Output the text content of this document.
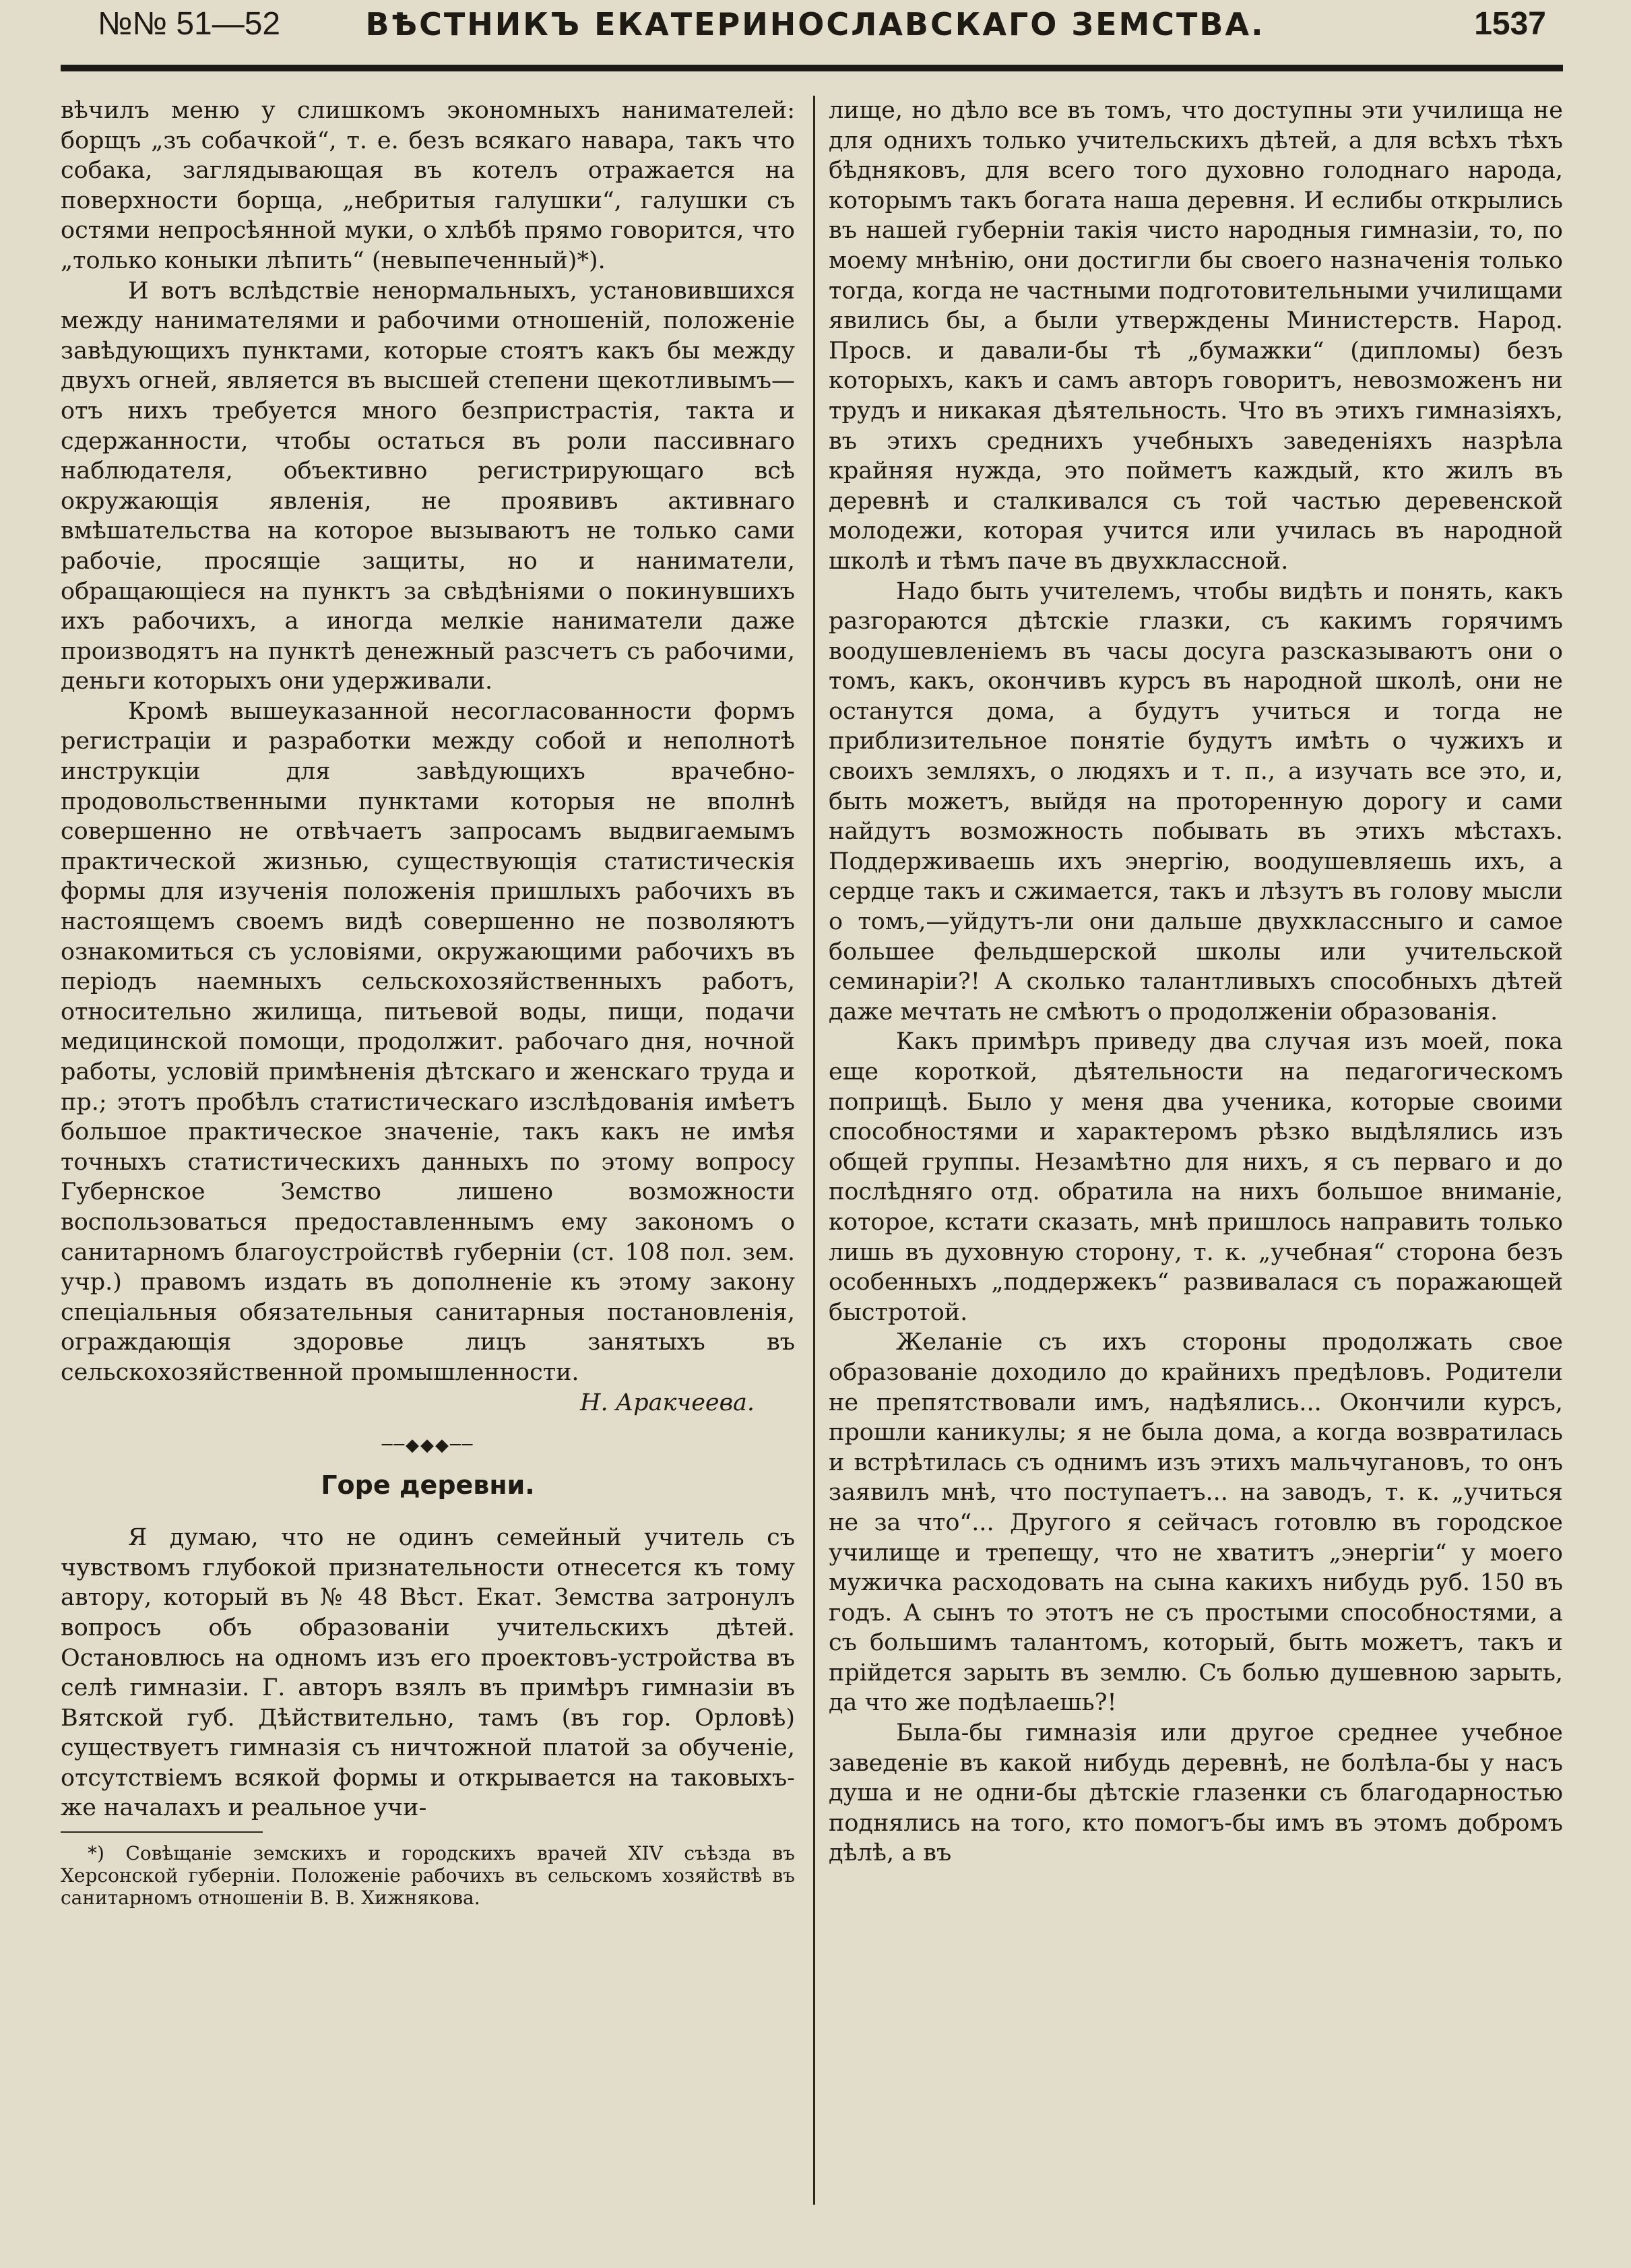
№№ 51—52	ВѢСТНИКЪ ЕКАТЕРИНОСЛАВСКАГО ЗЕМСТВА.	1537

вѣчилъ меню у слишкомъ экономныхъ нанимателей: борщъ „зъ собачкой“, т. е. безъ всякаго навара, такъ что собака, заглядывающая въ котелъ отражается на поверхности борща, „небритыя галушки“, галушки съ остями непросѣянной муки, о хлѣбѣ прямо говорится, что „только коныки лѣпить“ (невыпеченный)*).

И вотъ вслѣдствіе ненормальныхъ, установившихся между нанимателями и рабочими отношеній, положеніе завѣдующихъ пунктами, которые стоятъ какъ бы между двухъ огней, является въ высшей степени щекотливымъ—отъ нихъ требуется много безпристрастія, такта и сдержанности, чтобы остаться въ роли пассивнаго наблюдателя, объективно регистрирующаго всѣ окружающія явленія, не проявивъ активнаго вмѣшательства на которое вызываютъ не только сами рабочіе, просящіе защиты, но и наниматели, обращающіеся на пунктъ за свѣдѣніями о покинувшихъ ихъ рабочихъ, а иногда мелкіе наниматели даже производятъ на пунктѣ денежный разсчетъ съ рабочими, деньги которыхъ они удерживали.

Кромѣ вышеуказанной несогласованности формъ регистраціи и разработки между собой и неполнотѣ инструкціи для завѣдующихъ врачебно-продовольственными пунктами которыя не вполнѣ совершенно не отвѣчаетъ запросамъ выдвигаемымъ практической жизнью, существующія статистическія формы для изученія положенія пришлыхъ рабочихъ въ настоящемъ своемъ видѣ совершенно не позволяютъ ознакомиться съ условіями, окружающими рабочихъ въ періодъ наемныхъ сельскохозяйственныхъ работъ, относительно жилища, питьевой воды, пищи, подачи медицинской помощи, продолжит. рабочаго дня, ночной работы, условій примѣненія дѣтскаго и женскаго труда и пр.; этотъ пробѣлъ статистическаго изслѣдованія имѣетъ большое практическое значеніе, такъ какъ не имѣя точныхъ статистическихъ данныхъ по этому вопросу Губернское Земство лишено возможности воспользоваться предоставленнымъ ему закономъ о санитарномъ благоустройствѣ губерніи (ст. 108 пол. зем. учр.) правомъ издать въ дополненіе къ этому закону спеціальныя обязательныя санитарныя постановленія, ограждающія здоровье лицъ занятыхъ въ сельскохозяйственной промышленности.

Н. Аракчеева.

──◆◆◆──
Горе деревни.

Я думаю, что не одинъ семейный учитель съ чувствомъ глубокой признательности отнесется къ тому автору, который въ № 48 Вѣст. Екат. Земства затронулъ вопросъ объ образованіи учительскихъ дѣтей. Остановлюсь на одномъ изъ его проектовъ-устройства въ селѣ гимназіи. Г. авторъ взялъ въ примѣръ гимназіи въ Вятской губ. Дѣйствительно, тамъ (въ гор. Орловѣ) существуетъ гимназія съ ничтожной платой за обученіе, отсутствіемъ всякой формы и открывается на таковыхъ-же началахъ и реальное учи-

*) Совѣщаніе земскихъ и городскихъ врачей XIV съѣзда въ Херсонской губерніи. Положеніе рабочихъ въ сельскомъ хозяйствѣ въ санитарномъ отношеніи В. В. Хижнякова.

лище, но дѣло все въ томъ, что доступны эти училища не для однихъ только учительскихъ дѣтей, а для всѣхъ тѣхъ бѣдняковъ, для всего того духовно голоднаго народа, которымъ такъ богата наша деревня. И еслибы открылись въ нашей губерніи такія чисто народныя гимназіи, то, по моему мнѣнію, они достигли бы своего назначенія только тогда, когда не частными подготовительными училищами явились бы, а были утверждены Министерств. Народ. Просв. и давали-бы тѣ „бумажки“ (дипломы) безъ которыхъ, какъ и самъ авторъ говоритъ, невозможенъ ни трудъ и никакая дѣятельность. Что въ этихъ гимназіяхъ, въ этихъ среднихъ учебныхъ заведеніяхъ назрѣла крайняя нужда, это пойметъ каждый, кто жилъ въ деревнѣ и сталкивался съ той частью деревенской молодежи, которая учится или училась въ народной школѣ и тѣмъ паче въ двухклассной.

Надо быть учителемъ, чтобы видѣть и понять, какъ разгораются дѣтскіе глазки, съ какимъ горячимъ воодушевленіемъ въ часы досуга разсказываютъ они о томъ, какъ, окончивъ курсъ въ народной школѣ, они не останутся дома, а будутъ учиться и тогда не приблизительное понятіе будутъ имѣть о чужихъ и своихъ земляхъ, о людяхъ и т. п., а изучать все это, и, быть можетъ, выйдя на проторенную дорогу и сами найдутъ возможность побывать въ этихъ мѣстахъ. Поддерживаешь ихъ энергію, воодушевляешь ихъ, а сердце такъ и сжимается, такъ и лѣзутъ въ голову мысли о томъ,—уйдутъ-ли они дальше двухклассныго и самое большее фельдшерской школы или учительской семинаріи?! А сколько талантливыхъ способныхъ дѣтей даже мечтать не смѣютъ о продолженіи образованія.

Какъ примѣръ приведу два случая изъ моей, пока еще короткой, дѣятельности на педагогическомъ поприщѣ. Было у меня два ученика, которые своими способностями и характеромъ рѣзко выдѣлялись изъ общей группы. Незамѣтно для нихъ, я съ перваго и до послѣдняго отд. обратила на нихъ большое вниманіе, которое, кстати сказать, мнѣ пришлось направить только лишь въ духовную сторону, т. к. „учебная“ сторона безъ особенныхъ „поддержекъ“ развивалася съ поражающей быстротой.

Желаніе съ ихъ стороны продолжать свое образованіе доходило до крайнихъ предѣловъ. Родители не препятствовали имъ, надѣялись... Окончили курсъ, прошли каникулы; я не была дома, а когда возвратилась и встрѣтилась съ однимъ изъ этихъ мальчугановъ, то онъ заявилъ мнѣ, что поступаетъ... на заводъ, т. к. „учиться не за что“... Другого я сейчасъ готовлю въ городское училище и трепещу, что не хватитъ „энергіи“ у моего мужичка расходовать на сына какихъ нибудь руб. 150 въ годъ. А сынъ то этотъ не съ простыми способностями, а съ большимъ талантомъ, который, быть можетъ, такъ и прійдется зарыть въ землю. Съ болью душевною зарыть, да что же подѣлаешь?!

Была-бы гимназія или другое среднее учебное заведеніе въ какой нибудь деревнѣ, не болѣла-бы у насъ душа и не одни-бы дѣтскіе глазенки съ благодарностью поднялись на того, кто помогъ-бы имъ въ этомъ добромъ дѣлѣ, а въ
